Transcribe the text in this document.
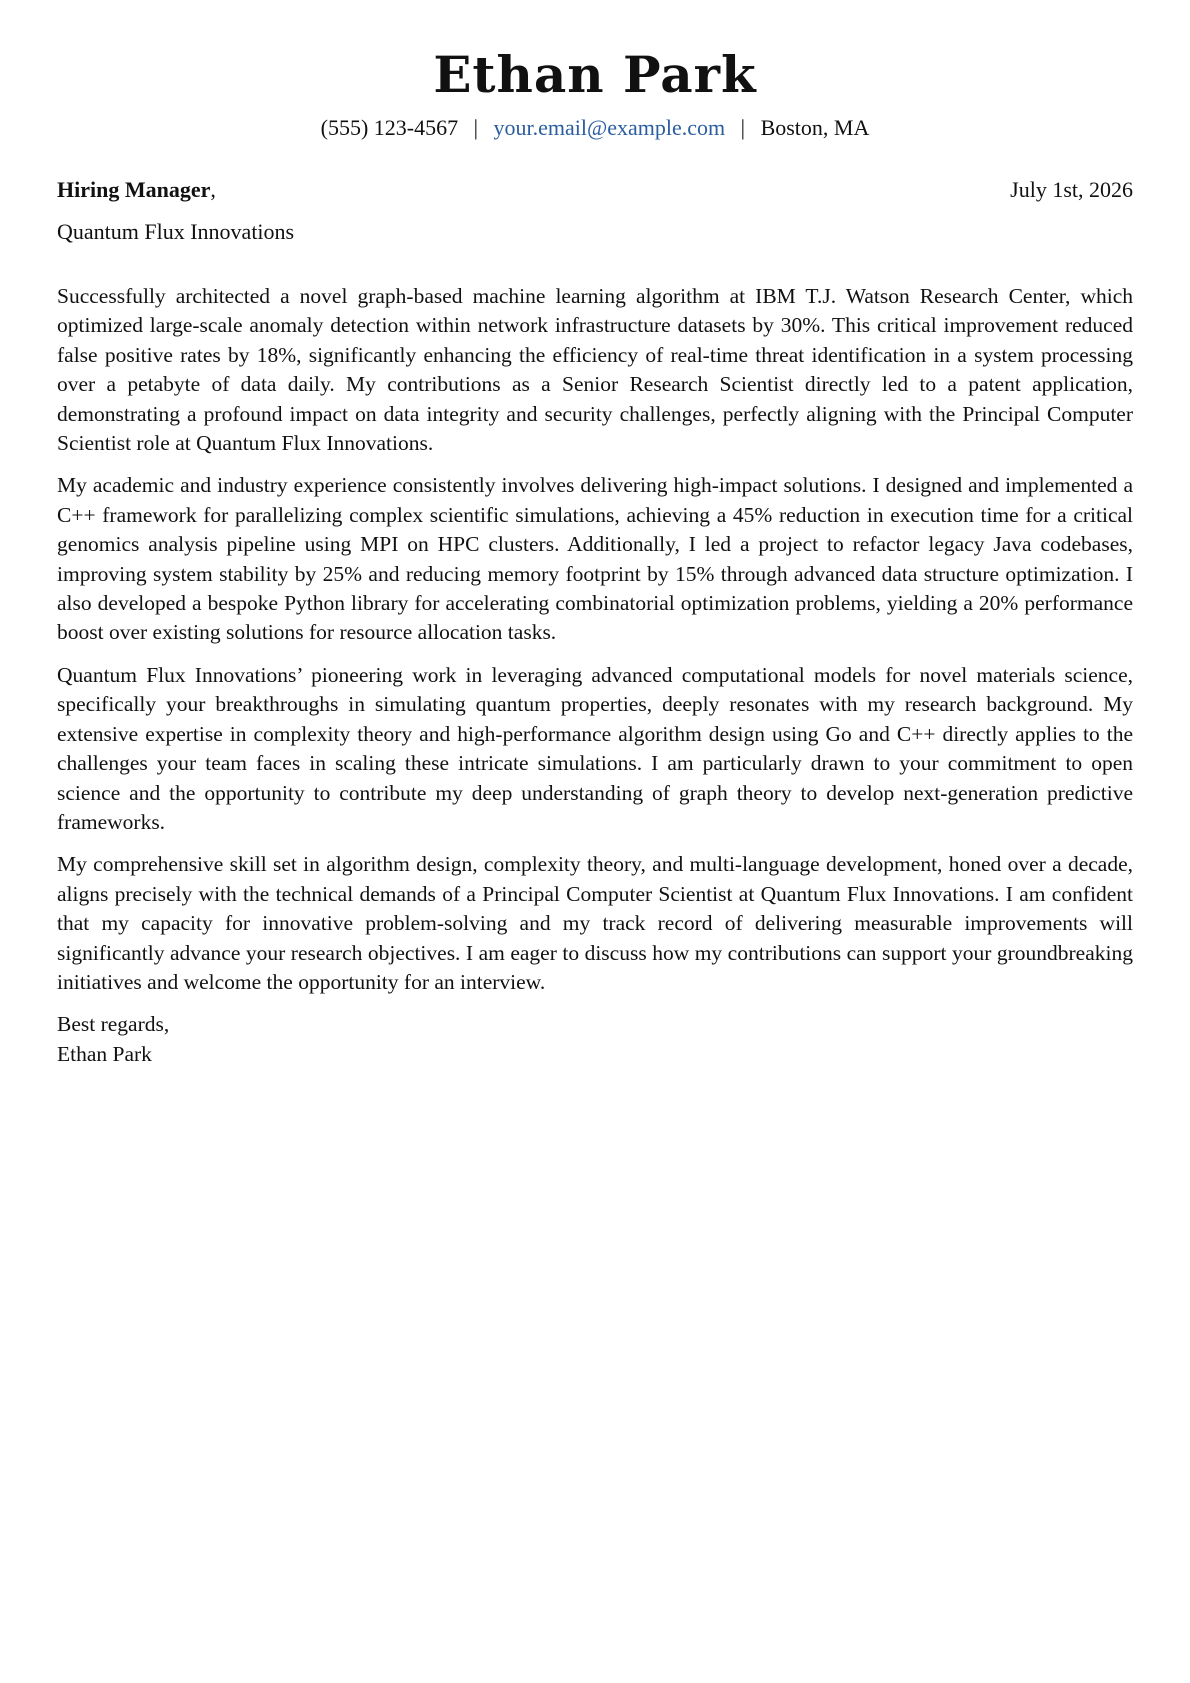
Ethan Park
(555) 123-4567 | your.email@example.com | Boston, MA
Hiring Manager,	July 1st, 2026
Quantum Flux Innovations

Successfully architected a novel graph-based machine learning algorithm at IBM T.J. Watson Research Center, which optimized large-scale anomaly detection within network infrastructure datasets by 30%. This critical improvement reduced false positive rates by 18%, significantly enhancing the efficiency of real-time threat identification in a system processing over a petabyte of data daily. My contributions as a Senior Research Scientist directly led to a patent application, demonstrating a profound impact on data integrity and security challenges, perfectly aligning with the Principal Computer Scientist role at Quantum Flux Innovations.

My academic and industry experience consistently involves delivering high-impact solutions. I designed and implemented a C++ framework for parallelizing complex scientific simulations, achieving a 45% reduction in execution time for a critical genomics analysis pipeline using MPI on HPC clusters. Additionally, I led a project to refactor legacy Java codebases, improving system stability by 25% and reducing memory footprint by 15% through advanced data structure optimization. I also developed a bespoke Python library for accelerating combinatorial optimization problems, yielding a 20% performance boost over existing solutions for resource allocation tasks.

Quantum Flux Innovations’ pioneering work in leveraging advanced computational models for novel materials science, specifically your breakthroughs in simulating quantum properties, deeply resonates with my research background. My extensive expertise in complexity theory and high-performance algorithm design using Go and C++ directly applies to the challenges your team faces in scaling these intricate simulations. I am particularly drawn to your commitment to open science and the opportunity to contribute my deep understanding of graph theory to develop next-generation predictive frameworks.

My comprehensive skill set in algorithm design, complexity theory, and multi-language development, honed over a decade, aligns precisely with the technical demands of a Principal Computer Scientist at Quantum Flux Innovations. I am confident that my capacity for innovative problem-solving and my track record of delivering measurable improvements will significantly advance your research objectives. I am eager to discuss how my contributions can support your groundbreaking initiatives and welcome the opportunity for an interview.

Best regards,
Ethan Park
